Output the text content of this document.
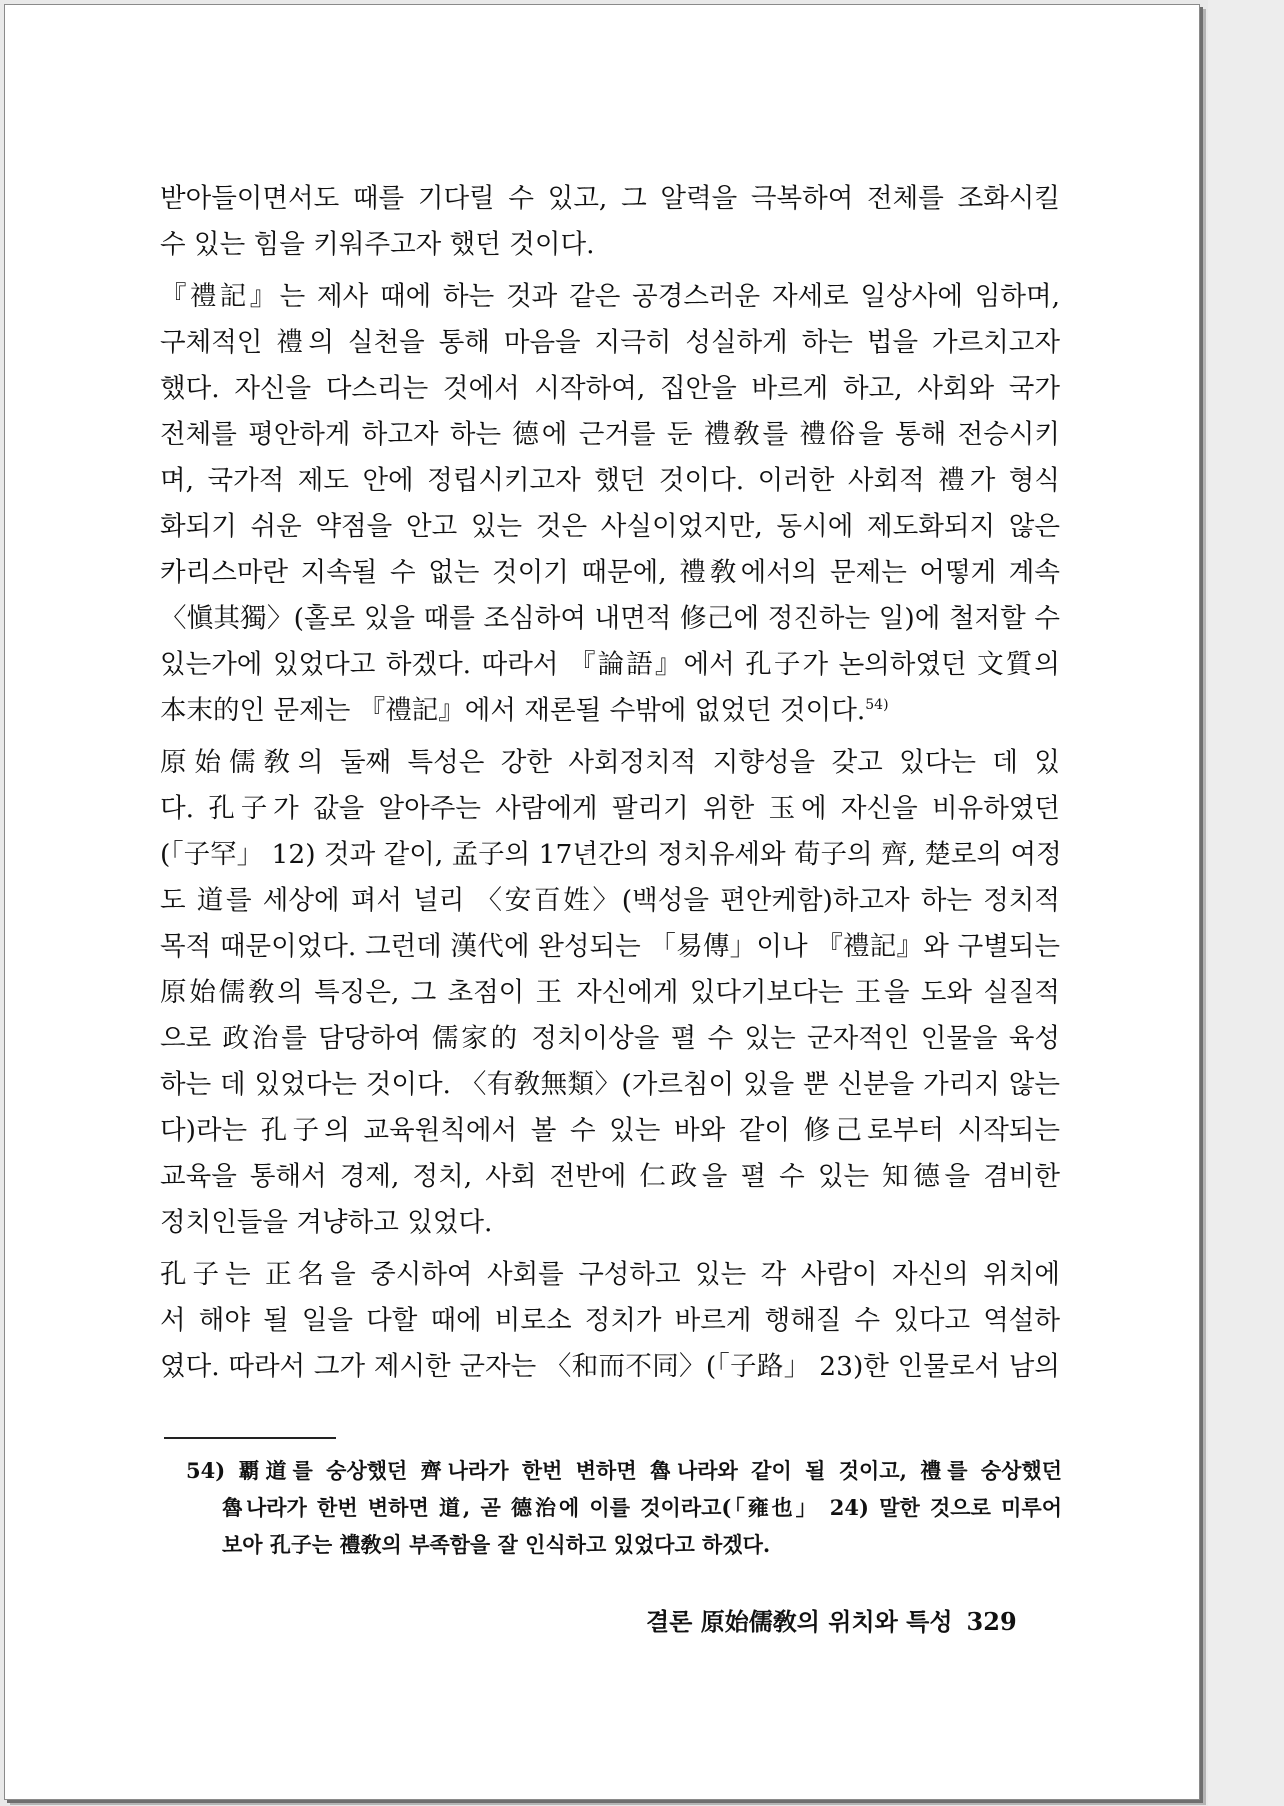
받아들이면서도 때를 기다릴 수 있고, 그 알력을 극복하여 전체를 조화시킬
수 있는 힘을 키워주고자 했던 것이다.
『禮記』는 제사 때에 하는 것과 같은 공경스러운 자세로 일상사에 임하며,
구체적인 禮의 실천을 통해 마음을 지극히 성실하게 하는 법을 가르치고자
했다. 자신을 다스리는 것에서 시작하여, 집안을 바르게 하고, 사회와 국가
전체를 평안하게 하고자 하는 德에 근거를 둔 禮敎를 禮俗을 통해 전승시키
며, 국가적 제도 안에 정립시키고자 했던 것이다. 이러한 사회적 禮가 형식
화되기 쉬운 약점을 안고 있는 것은 사실이었지만, 동시에 제도화되지 않은
카리스마란 지속될 수 없는 것이기 때문에, 禮敎에서의 문제는 어떻게 계속
〈愼其獨〉(홀로 있을 때를 조심하여 내면적 修己에 정진하는 일)에 철저할 수
있는가에 있었다고 하겠다. 따라서 『論語』에서 孔子가 논의하였던 文質의
本末的인 문제는 『禮記』에서 재론될 수밖에 없었던 것이다.$^{54)}$
原始儒敎의 둘째 특성은 강한 사회정치적 지향성을 갖고 있다는 데 있
다. 孔子가 값을 알아주는 사람에게 팔리기 위한 玉에 자신을 비유하였던
(「子罕」 12) 것과 같이, 孟子의 17년간의 정치유세와 荀子의 齊, 楚로의 여정
도 道를 세상에 펴서 널리 〈安百姓〉(백성을 편안케함)하고자 하는 정치적
목적 때문이었다. 그런데 漢代에 완성되는 「易傳」이나 『禮記』와 구별되는
原始儒敎의 특징은, 그 초점이 王 자신에게 있다기보다는 王을 도와 실질적
으로 政治를 담당하여 儒家的 정치이상을 펼 수 있는 군자적인 인물을 육성
하는 데 있었다는 것이다. 〈有敎無類〉(가르침이 있을 뿐 신분을 가리지 않는
다)라는 孔子의 교육원칙에서 볼 수 있는 바와 같이 修己로부터 시작되는
교육을 통해서 경제, 정치, 사회 전반에 仁政을 펼 수 있는 知德을 겸비한
정치인들을 겨냥하고 있었다.
孔子는 正名을 중시하여 사회를 구성하고 있는 각 사람이 자신의 위치에
서 해야 될 일을 다할 때에 비로소 정치가 바르게 행해질 수 있다고 역설하
였다. 따라서 그가 제시한 군자는 〈和而不同〉(「子路」 23)한 인물로서 남의
54) 覇道를 숭상했던 齊나라가 한번 변하면 魯나라와 같이 될 것이고, 禮를 숭상했던
魯나라가 한번 변하면 道, 곧 德治에 이를 것이라고(「雍也」 24) 말한 것으로 미루어
보아 孔子는 禮敎의 부족함을 잘 인식하고 있었다고 하겠다.
결론 原始儒敎의 위치와 특성 329
